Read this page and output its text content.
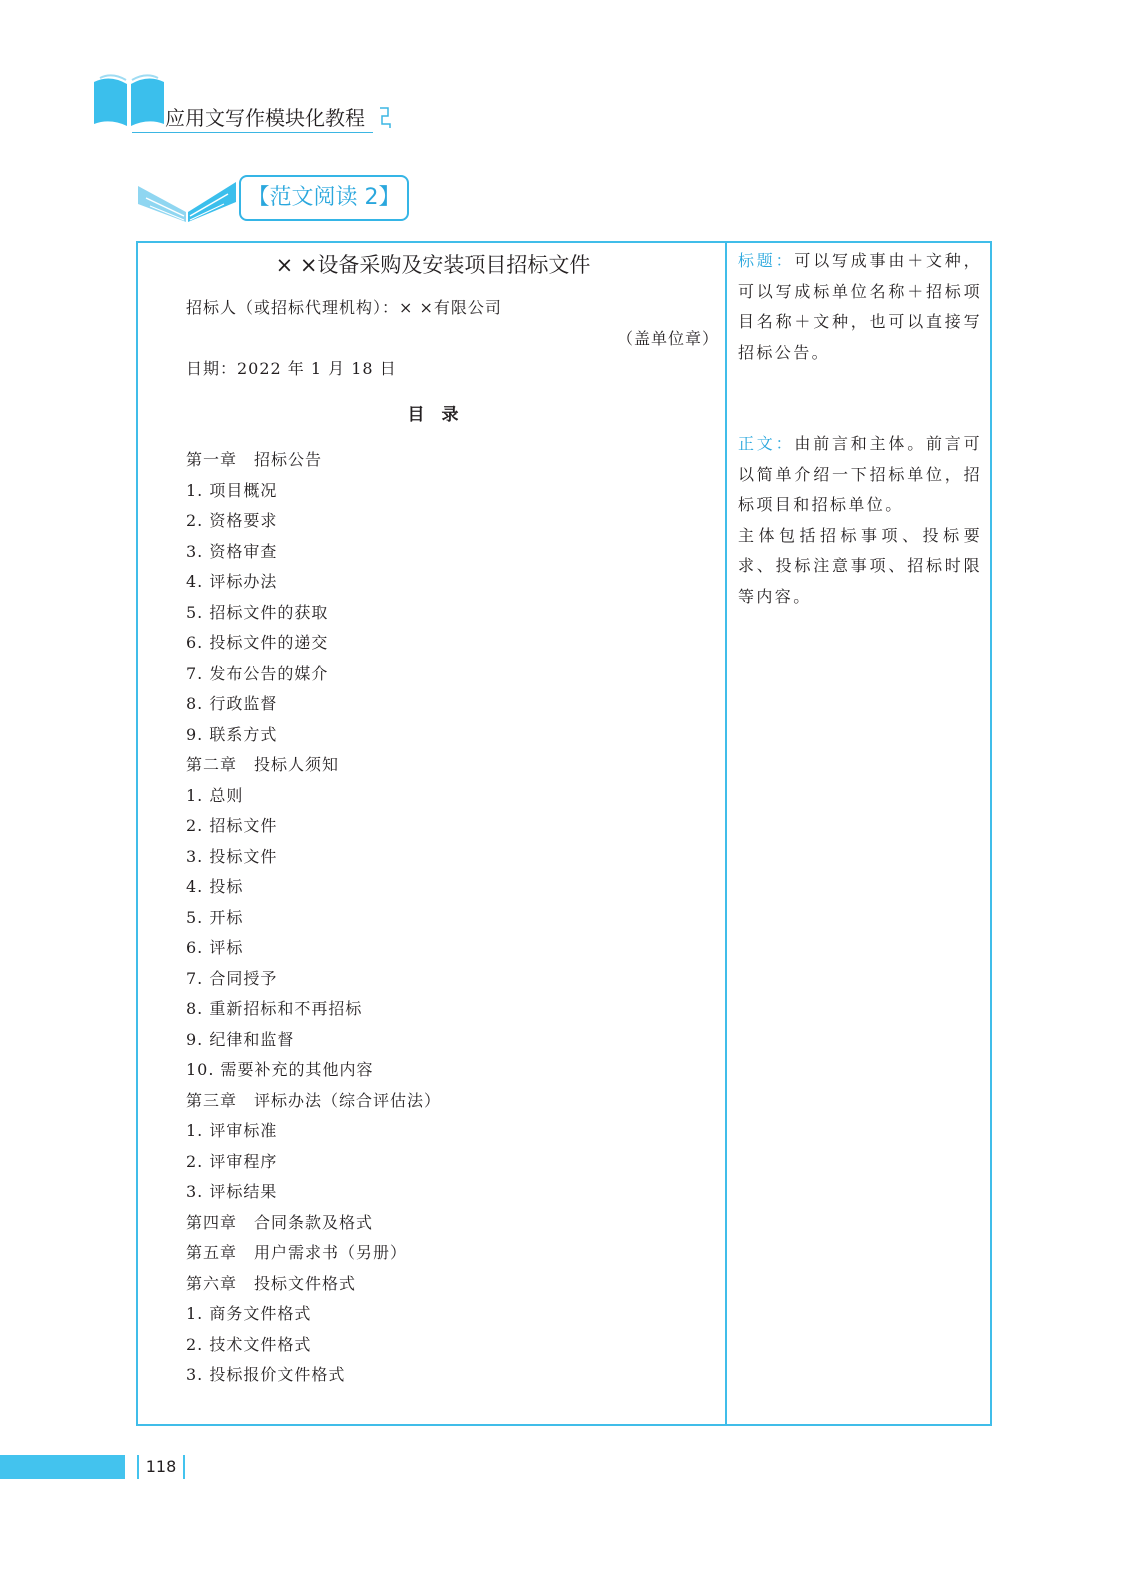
应用文写作模块化教程
【范文阅读 2】
× ×设备采购及安装项目招标文件
招标人（或招标代理机构）：× ×有限公司
（盖单位章）
日期：2022 年 1 月 18 日
目　录
第一章　招标公告
1. 项目概况
2. 资格要求
3. 资格审查
4. 评标办法
5. 招标文件的获取
6. 投标文件的递交
7. 发布公告的媒介
8. 行政监督
9. 联系方式
第二章　投标人须知
1. 总则
2. 招标文件
3. 投标文件
4. 投标
5. 开标
6. 评标
7. 合同授予
8. 重新招标和不再招标
9. 纪律和监督
10. 需要补充的其他内容
第三章　评标办法（综合评估法）
1. 评审标准
2. 评审程序
3. 评标结果
第四章　合同条款及格式
第五章　用户需求书（另册）
第六章　投标文件格式
1. 商务文件格式
2. 技术文件格式
3. 投标报价文件格式
标题：可以写成事由＋文种，可以写成标单位名称＋招标项目名称＋文种，也可以直接写招标公告。
正文：由前言和主体。前言可以简单介绍一下招标单位，招标项目和招标单位。
主体包括招标事项、投标要求、投标注意事项、招标时限等内容。
118
